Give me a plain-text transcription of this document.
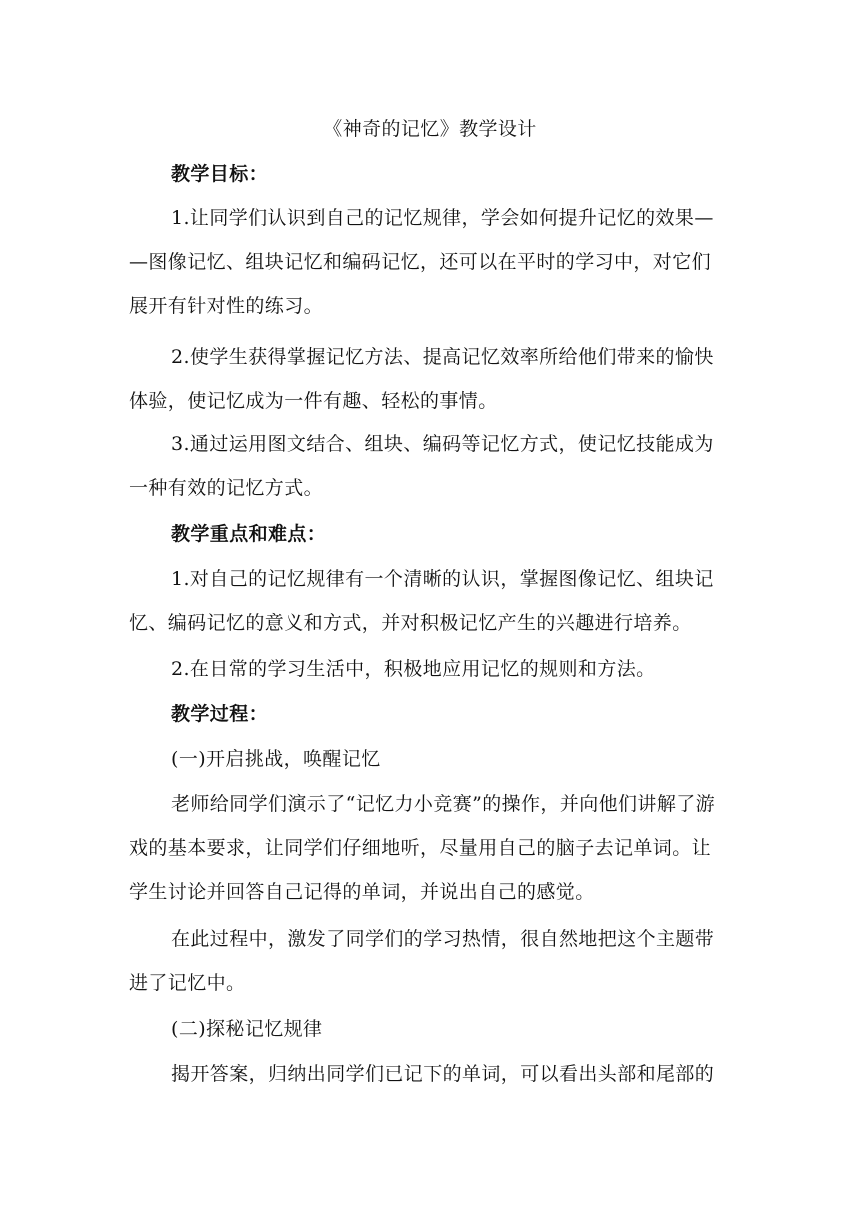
《神奇的记忆》教学设计
教学目标：
1.让同学们认识到自己的记忆规律，学会如何提升记忆的效果—
—图像记忆、组块记忆和编码记忆，还可以在平时的学习中，对它们
展开有针对性的练习。
2.使学生获得掌握记忆方法、提高记忆效率所给他们带来的愉快
体验，使记忆成为一件有趣、轻松的事情。
3.通过运用图文结合、组块、编码等记忆方式，使记忆技能成为
一种有效的记忆方式。
教学重点和难点：
1.对自己的记忆规律有一个清晰的认识，掌握图像记忆、组块记
忆、编码记忆的意义和方式，并对积极记忆产生的兴趣进行培养。
2.在日常的学习生活中，积极地应用记忆的规则和方法。
教学过程：
(一)开启挑战，唤醒记忆
老师给同学们演示了“记忆力小竞赛”的操作，并向他们讲解了游
戏的基本要求，让同学们仔细地听，尽量用自己的脑子去记单词。让
学生讨论并回答自己记得的单词，并说出自己的感觉。
在此过程中，激发了同学们的学习热情，很自然地把这个主题带
进了记忆中。
(二)探秘记忆规律
揭开答案，归纳出同学们已记下的单词，可以看出头部和尾部的
